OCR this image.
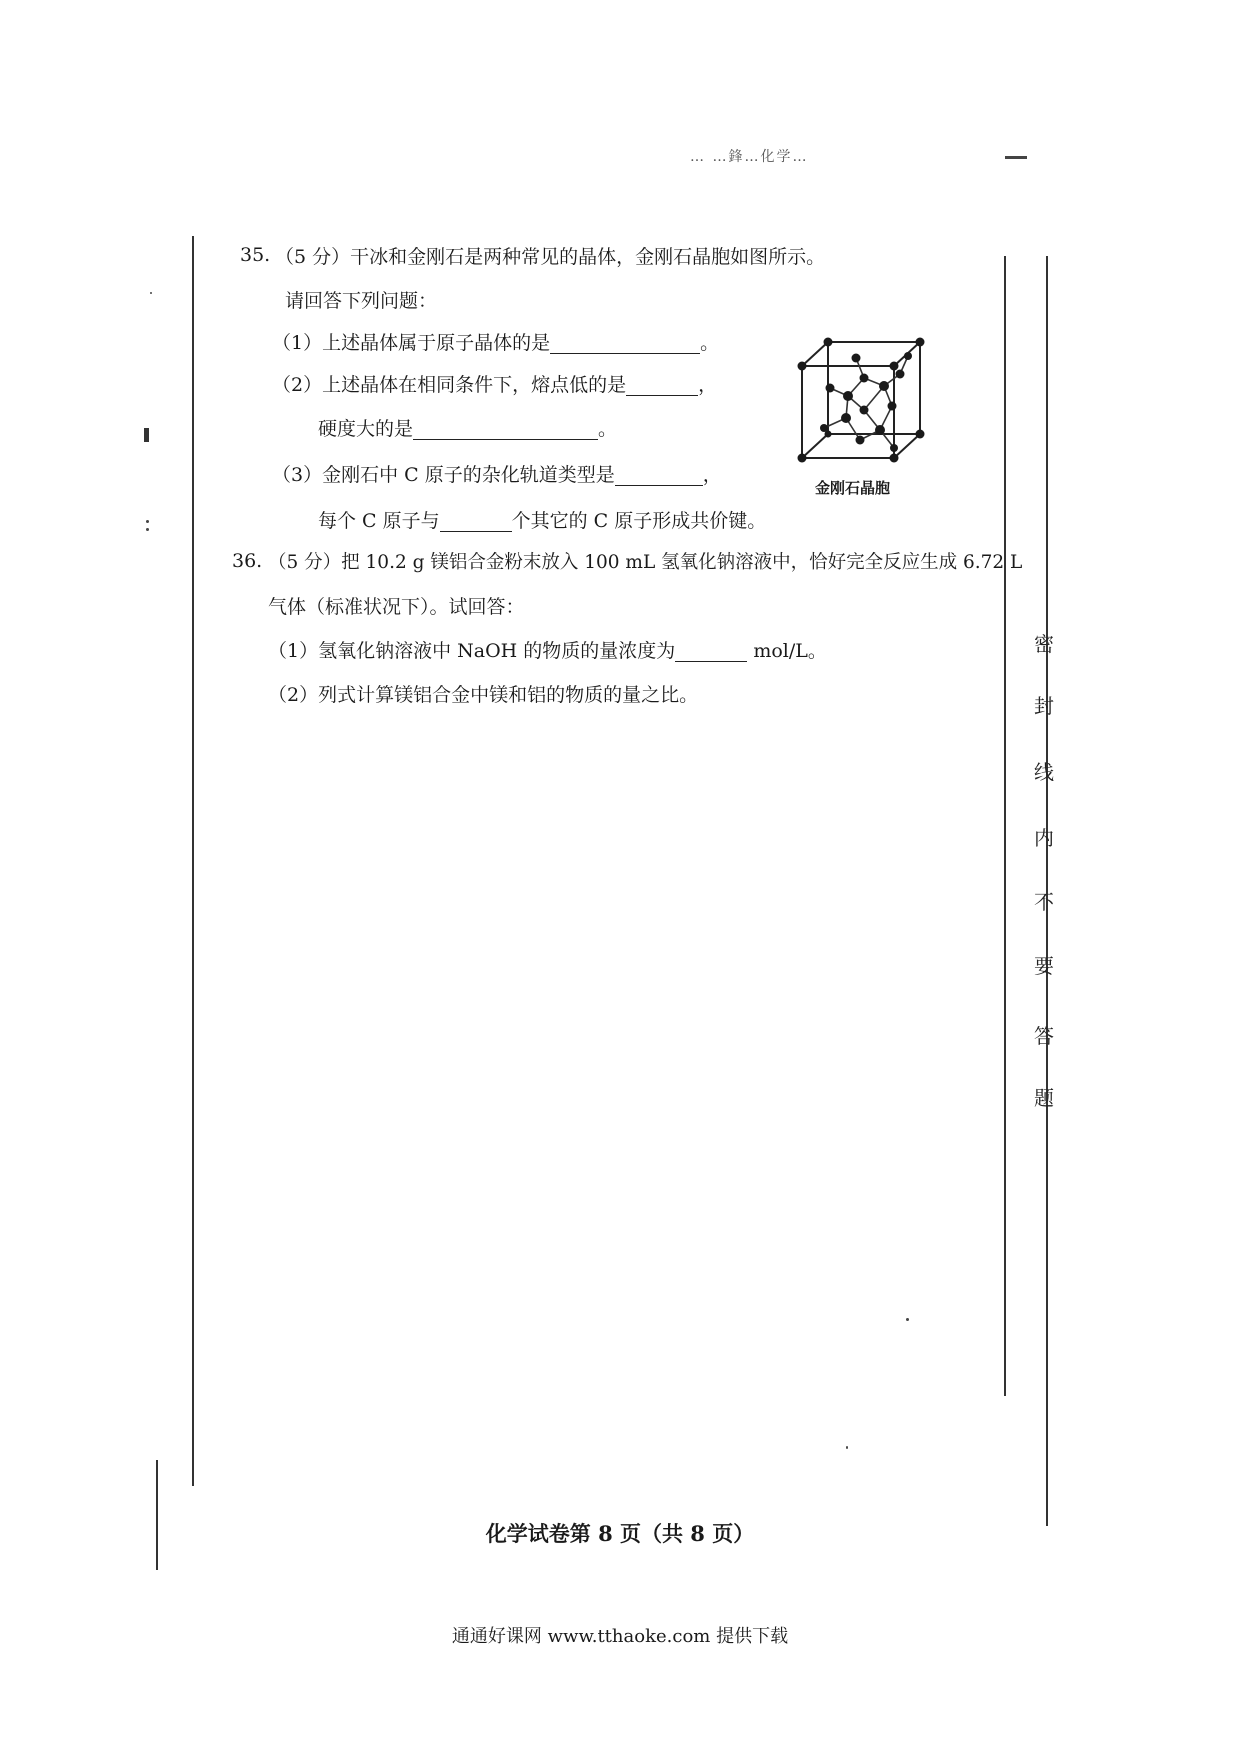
… …鋒…化学…
密
封
线
内
不
要
答
题
35. （5 分）干冰和金刚石是两种常见的晶体，金刚石晶胞如图所示。
请回答下列问题：
（1）上述晶体属于原子晶体的是	。
（2）上述晶体在相同条件下，熔点低的是	，
硬度大的是	。
（3）金刚石中 C 原子的杂化轨道类型是	，
每个 C 原子与	个其它的 C 原子形成共价键。
金刚石晶胞
36. （5 分）把 10.2 g 镁铝合金粉末放入 100 mL 氢氧化钠溶液中，恰好完全反应生成 6.72 L
气体（标准状况下）。试回答：
（1）氢氧化钠溶液中 NaOH 的物质的量浓度为	mol/L。
（2）列式计算镁铝合金中镁和铝的物质的量之比。
化学试卷第 8 页（共 8 页）
通通好课网 www.tthaoke.com 提供下载
